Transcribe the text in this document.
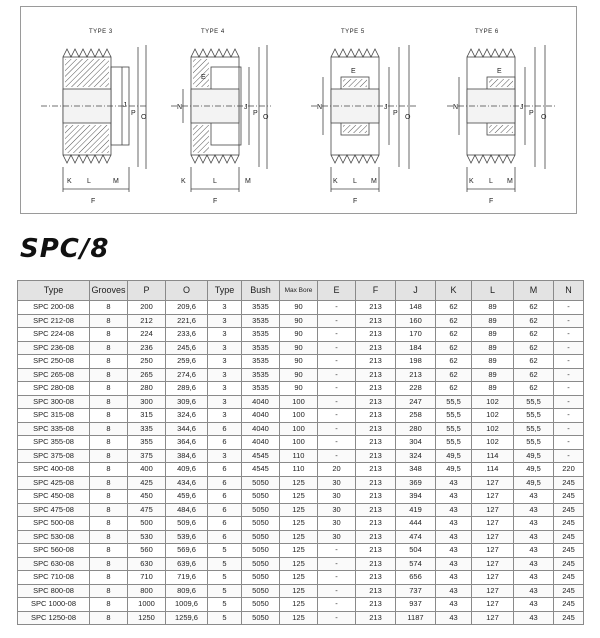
TYPE 3	TYPE 4	TYPE 5	TYPE 6
L
K	M
F
J
P
O
E
N	J
P
O
K	L	M
F
E
N	J
P
O
K L M
F
E
N	J
P
O
K L M
F
SPC/8
Type	Grooves	P	O	Type	Bush	Max Bore	E	F	J	K	L	M	N
SPC 200-08	8	200	209,6	3	3535	90	-	213	148	62	89	62	-
SPC 212-08	8	212	221,6	3	3535	90	-	213	160	62	89	62	-
SPC 224-08	8	224	233,6	3	3535	90	-	213	170	62	89	62	-
SPC 236-08	8	236	245,6	3	3535	90	-	213	184	62	89	62	-
SPC 250-08	8	250	259,6	3	3535	90	-	213	198	62	89	62	-
SPC 265-08	8	265	274,6	3	3535	90	-	213	213	62	89	62	-
SPC 280-08	8	280	289,6	3	3535	90	-	213	228	62	89	62	-
SPC 300-08	8	300	309,6	3	4040	100	-	213	247	55,5	102	55,5	-
SPC 315-08	8	315	324,6	3	4040	100	-	213	258	55,5	102	55,5	-
SPC 335-08	8	335	344,6	6	4040	100	-	213	280	55,5	102	55,5	-
SPC 355-08	8	355	364,6	6	4040	100	-	213	304	55,5	102	55,5	-
SPC 375-08	8	375	384,6	3	4545	110	-	213	324	49,5	114	49,5	-
SPC 400-08	8	400	409,6	6	4545	110	20	213	348	49,5	114	49,5	220
SPC 425-08	8	425	434,6	6	5050	125	30	213	369	43	127	49,5	245
SPC 450-08	8	450	459,6	6	5050	125	30	213	394	43	127	43	245
SPC 475-08	8	475	484,6	6	5050	125	30	213	419	43	127	43	245
SPC 500-08	8	500	509,6	6	5050	125	30	213	444	43	127	43	245
SPC 530-08	8	530	539,6	6	5050	125	30	213	474	43	127	43	245
SPC 560-08	8	560	569,6	5	5050	125	-	213	504	43	127	43	245
SPC 630-08	8	630	639,6	5	5050	125	-	213	574	43	127	43	245
SPC 710-08	8	710	719,6	5	5050	125	-	213	656	43	127	43	245
SPC 800-08	8	800	809,6	5	5050	125	-	213	737	43	127	43	245
SPC 1000-08	8	1000	1009,6	5	5050	125	-	213	937	43	127	43	245
SPC 1250-08	8	1250	1259,6	5	5050	125	-	213	1187	43	127	43	245
